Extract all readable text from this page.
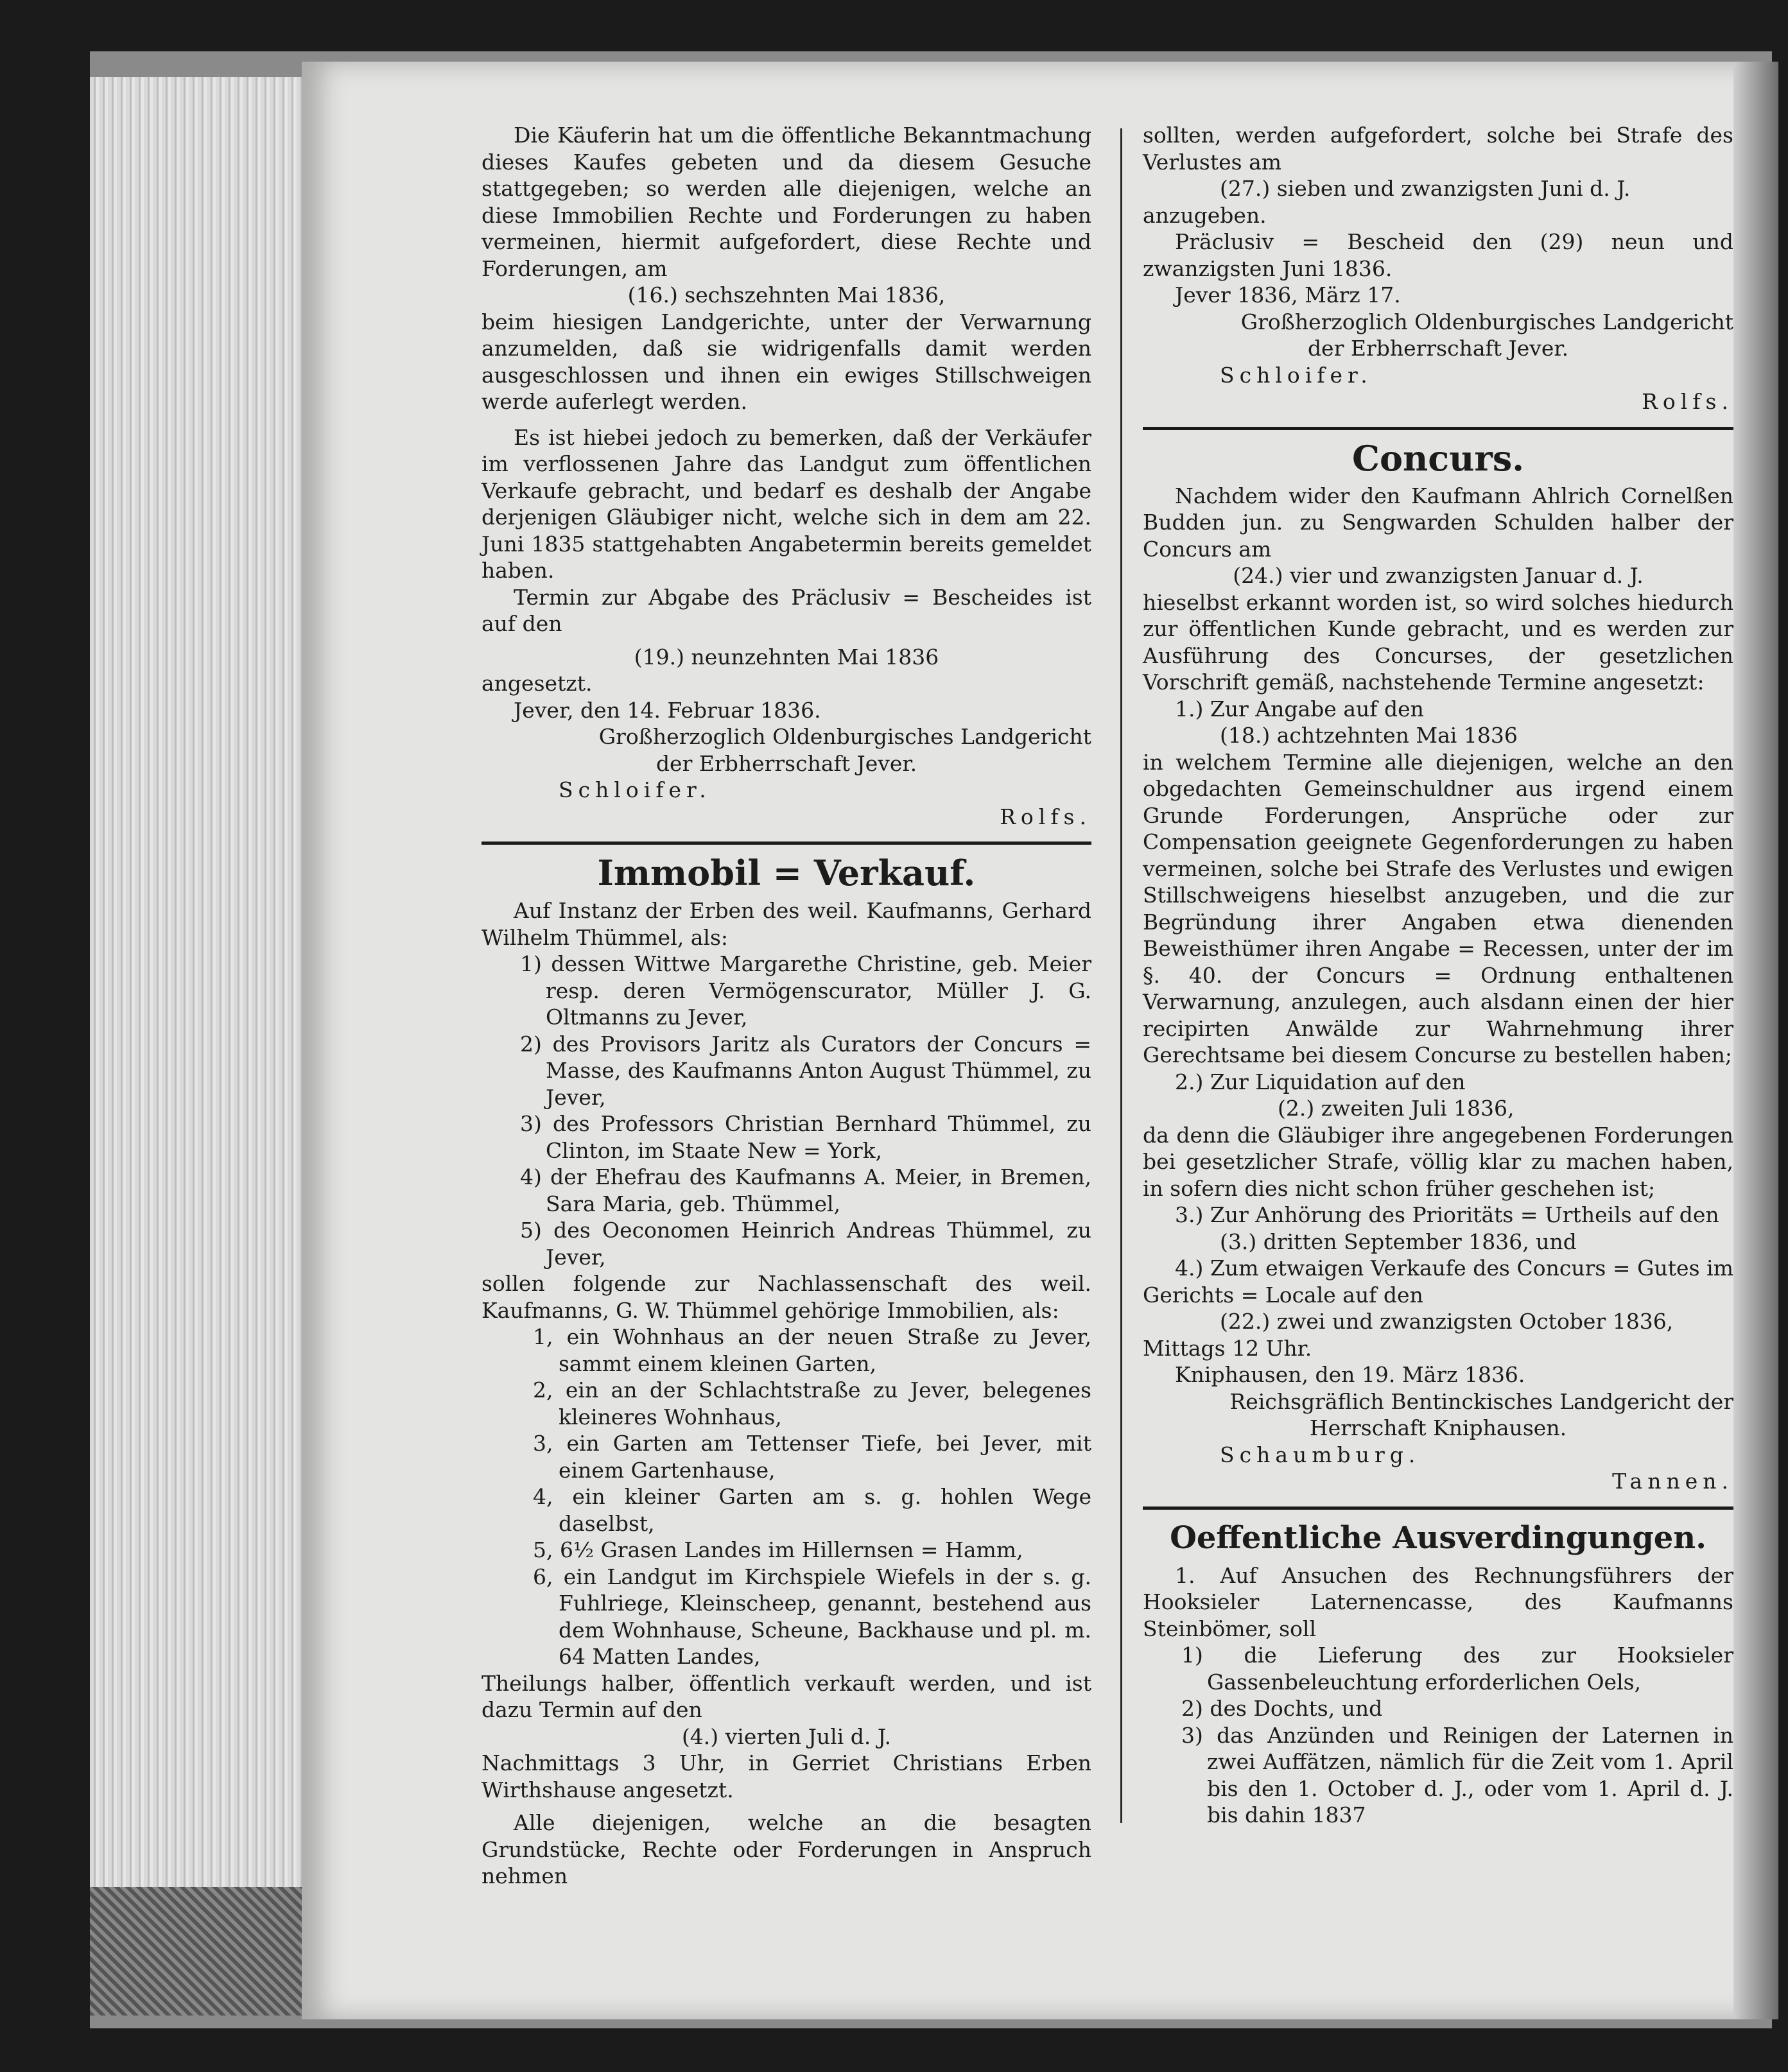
Die Käuferin hat um die öffentliche Bekanntmachung dieses Kaufes gebeten und da diesem Gesuche stattgegeben; so werden alle diejenigen, welche an diese Immobilien Rechte und Forderungen zu haben vermeinen, hiermit aufgefordert, diese Rechte und Forderungen, am

(16.) sechszehnten Mai 1836,

beim hiesigen Landgerichte, unter der Verwarnung anzumelden, daß sie widrigenfalls damit werden ausgeschlossen und ihnen ein ewiges Stillschweigen werde auferlegt werden.

Es ist hiebei jedoch zu bemerken, daß der Verkäufer im verflossenen Jahre das Landgut zum öffentlichen Verkaufe gebracht, und bedarf es deshalb der Angabe derjenigen Gläubiger nicht, welche sich in dem am 22. Juni 1835 stattgehabten Angabetermin bereits gemeldet haben.

Termin zur Abgabe des Präclusiv = Bescheides ist auf den

(19.) neunzehnten Mai 1836

angesetzt.

Jever, den 14. Februar 1836.

Großherzoglich Oldenburgisches Landgericht

der Erbherrschaft Jever.

Schloifer.

Rolfs.

Immobil = Verkauf.

Auf Instanz der Erben des weil. Kaufmanns, Gerhard Wilhelm Thümmel, als:

1) dessen Wittwe Margarethe Christine, geb. Meier resp. deren Vermögenscurator, Müller J. G. Oltmanns zu Jever,

2) des Provisors Jaritz als Curators der Concurs = Masse, des Kaufmanns Anton August Thümmel, zu Jever,

3) des Professors Christian Bernhard Thümmel, zu Clinton, im Staate New = York,

4) der Ehefrau des Kaufmanns A. Meier, in Bremen, Sara Maria, geb. Thümmel,

5) des Oeconomen Heinrich Andreas Thümmel, zu Jever,

sollen folgende zur Nachlassenschaft des weil. Kaufmanns, G. W. Thümmel gehörige Immobilien, als:

1, ein Wohnhaus an der neuen Straße zu Jever, sammt einem kleinen Garten,

2, ein an der Schlachtstraße zu Jever, belegenes kleineres Wohnhaus,

3, ein Garten am Tettenser Tiefe, bei Jever, mit einem Gartenhause,

4, ein kleiner Garten am s. g. hohlen Wege daselbst,

5, 6½ Grasen Landes im Hillernsen = Hamm,

6, ein Landgut im Kirchspiele Wiefels in der s. g. Fuhlriege, Kleinscheep, genannt, bestehend aus dem Wohnhause, Scheune, Backhause und pl. m. 64 Matten Landes,

Theilungs halber, öffentlich verkauft werden, und ist dazu Termin auf den

(4.) vierten Juli d. J.

Nachmittags 3 Uhr, in Gerriet Christians Erben Wirthshause angesetzt.

Alle diejenigen, welche an die besagten Grundstücke, Rechte oder Forderungen in Anspruch nehmen

sollten, werden aufgefordert, solche bei Strafe des Verlustes am

(27.) sieben und zwanzigsten Juni d. J.

anzugeben.

Präclusiv = Bescheid den (29) neun und zwanzigsten Juni 1836.

Jever 1836, März 17.

Großherzoglich Oldenburgisches Landgericht

der Erbherrschaft Jever.

Schloifer.

Rolfs.

Concurs.

Nachdem wider den Kaufmann Ahlrich Cornelßen Budden jun. zu Sengwarden Schulden halber der Concurs am

(24.) vier und zwanzigsten Januar d. J.

hieselbst erkannt worden ist, so wird solches hiedurch zur öffentlichen Kunde gebracht, und es werden zur Ausführung des Concurses, der gesetzlichen Vorschrift gemäß, nachstehende Termine angesetzt:

1.) Zur Angabe auf den

(18.) achtzehnten Mai 1836

in welchem Termine alle diejenigen, welche an den obgedachten Gemeinschuldner aus irgend einem Grunde Forderungen, Ansprüche oder zur Compensation geeignete Gegenforderungen zu haben vermeinen, solche bei Strafe des Verlustes und ewigen Stillschweigens hieselbst anzugeben, und die zur Begründung ihrer Angaben etwa dienenden Beweisthümer ihren Angabe = Recessen, unter der im §. 40. der Concurs = Ordnung enthaltenen Verwarnung, anzulegen, auch alsdann einen der hier recipirten Anwälde zur Wahrnehmung ihrer Gerechtsame bei diesem Concurse zu bestellen haben;

2.) Zur Liquidation auf den

(2.) zweiten Juli 1836,

da denn die Gläubiger ihre angegebenen Forderungen bei gesetzlicher Strafe, völlig klar zu machen haben, in sofern dies nicht schon früher geschehen ist;

3.) Zur Anhörung des Prioritäts = Urtheils auf den

(3.) dritten September 1836, und

4.) Zum etwaigen Verkaufe des Concurs = Gutes im Gerichts = Locale auf den

(22.) zwei und zwanzigsten October 1836,

Mittags 12 Uhr.

Kniphausen, den 19. März 1836.

Reichsgräflich Bentinckisches Landgericht der

Herrschaft Kniphausen.

Schaumburg.

Tannen.

Oeffentliche Ausverdingungen.

1. Auf Ansuchen des Rechnungsführers der Hooksieler Laternencasse, des Kaufmanns Steinbömer, soll

1) die Lieferung des zur Hooksieler Gassenbeleuchtung erforderlichen Oels,

2) des Dochts, und

3) das Anzünden und Reinigen der Laternen in zwei Auffätzen, nämlich für die Zeit vom 1. April bis den 1. October d. J., oder vom 1. April d. J. bis dahin 1837
